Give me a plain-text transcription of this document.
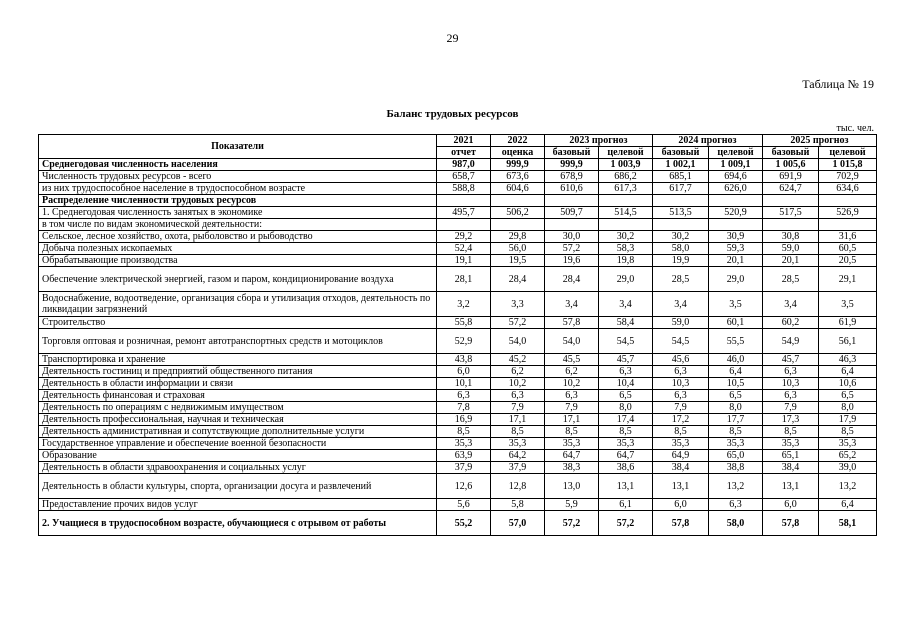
29
Таблица № 19
Баланс трудовых ресурсов
тыс. чел.
Показатели	2021	2022	2023 прогноз		2024 прогноз		2025 прогноз	
	отчет	оценка	базовый	целевой	базовый	целевой	базовый	целевой
Среднегодовая численность населения	987,0	999,9	999,9	1 003,9	1 002,1	1 009,1	1 005,6	1 015,8
Численность трудовых ресурсов - всего	658,7	673,6	678,9	686,2	685,1	694,6	691,9	702,9
из них трудоспособное население в трудоспособном возрасте	588,8	604,6	610,6	617,3	617,7	626,0	624,7	634,6
Распределение численности трудовых ресурсов								
1. Среднегодовая численность занятых в экономике	495,7	506,2	509,7	514,5	513,5	520,9	517,5	526,9
в том числе по видам экономической деятельности:								
Сельское, лесное хозяйство, охота, рыболовство и рыбоводство	29,2	29,8	30,0	30,2	30,2	30,9	30,8	31,6
Добыча полезных ископаемых	52,4	56,0	57,2	58,3	58,0	59,3	59,0	60,5
Обрабатывающие производства	19,1	19,5	19,6	19,8	19,9	20,1	20,1	20,5
Обеспечение электрической энергией, газом и паром, кондиционирование воздуха	28,1	28,4	28,4	29,0	28,5	29,0	28,5	29,1
Водоснабжение, водоотведение, организация сбора и утилизация отходов, деятельность по ликвидации загрязнений	3,2	3,3	3,4	3,4	3,4	3,5	3,4	3,5
Строительство	55,8	57,2	57,8	58,4	59,0	60,1	60,2	61,9
Торговля оптовая и розничная, ремонт автотранспортных средств и мотоциклов	52,9	54,0	54,0	54,5	54,5	55,5	54,9	56,1
Транспортировка и хранение	43,8	45,2	45,5	45,7	45,6	46,0	45,7	46,3
Деятельность гостиниц и предприятий общественного питания	6,0	6,2	6,2	6,3	6,3	6,4	6,3	6,4
Деятельность в области информации и связи	10,1	10,2	10,2	10,4	10,3	10,5	10,3	10,6
Деятельность финансовая и страховая	6,3	6,3	6,3	6,5	6,3	6,5	6,3	6,5
Деятельность по операциям с недвижимым имуществом	7,8	7,9	7,9	8,0	7,9	8,0	7,9	8,0
Деятельность профессиональная, научная и техническая	16,9	17,1	17,1	17,4	17,2	17,7	17,3	17,9
Деятельность административная и сопутствующие дополнительные услуги	8,5	8,5	8,5	8,5	8,5	8,5	8,5	8,5
Государственное управление и обеспечение военной безопасности	35,3	35,3	35,3	35,3	35,3	35,3	35,3	35,3
Образование	63,9	64,2	64,7	64,7	64,9	65,0	65,1	65,2
Деятельность в области здравоохранения и социальных услуг	37,9	37,9	38,3	38,6	38,4	38,8	38,4	39,0
Деятельность в области культуры, спорта, организации досуга и развлечений	12,6	12,8	13,0	13,1	13,1	13,2	13,1	13,2
Предоставление прочих видов услуг	5,6	5,8	5,9	6,1	6,0	6,3	6,0	6,4
2. Учащиеся в трудоспособном возрасте, обучающиеся с отрывом от работы	55,2	57,0	57,2	57,2	57,8	58,0	57,8	58,1
